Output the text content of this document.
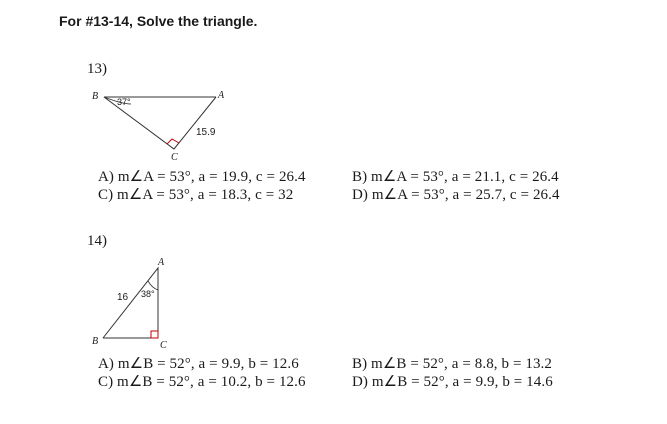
For #13-14, Solve the triangle.
13)
B	A
C
37°
15.9
A) m∠A = 53°, a = 19.9, c = 26.4
C) m∠A = 53°, a = 18.3, c = 32
B) m∠A = 53°, a = 21.1, c = 26.4
D) m∠A = 53°, a = 25.7, c = 26.4
14)
A
B	C
38°
16
A) m∠B = 52°, a = 9.9, b = 12.6
C) m∠B = 52°, a = 10.2, b = 12.6
B) m∠B = 52°, a = 8.8, b = 13.2
D) m∠B = 52°, a = 9.9, b = 14.6
